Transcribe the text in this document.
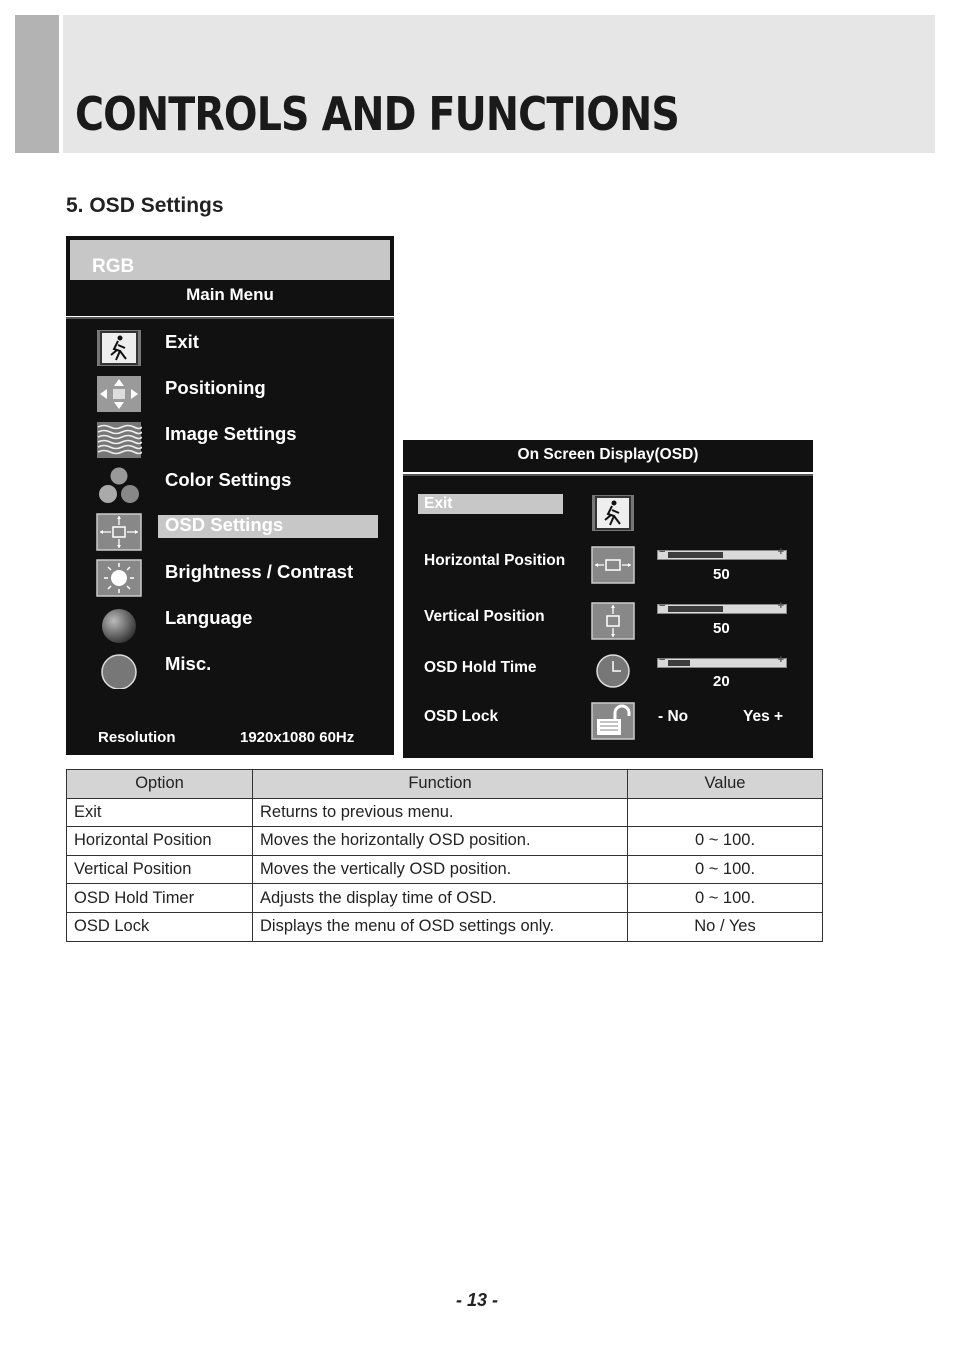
CONTROLS AND FUNCTIONS
5. OSD Settings
RGB
Main Menu
Exit
Positioning
Image Settings
Color Settings
OSD Settings
Brightness / Contrast
Language
Misc.
Resolution	1920x1080 60Hz
On Screen Display(OSD)
Exit
Horizontal Position	−	+
50
Vertical Position
−	+
50
OSD Hold Time	−	+
20
OSD Lock	- No	Yes +
Option	Function	Value
Exit	Returns to previous menu.	
Horizontal Position	Moves the horizontally OSD position.	0 ~ 100.
Vertical Position	Moves the vertically OSD position.	0 ~ 100.
OSD Hold Timer	Adjusts the display time of OSD.	0 ~ 100.
OSD Lock	Displays the menu of OSD settings only.	No / Yes
- 13 -
